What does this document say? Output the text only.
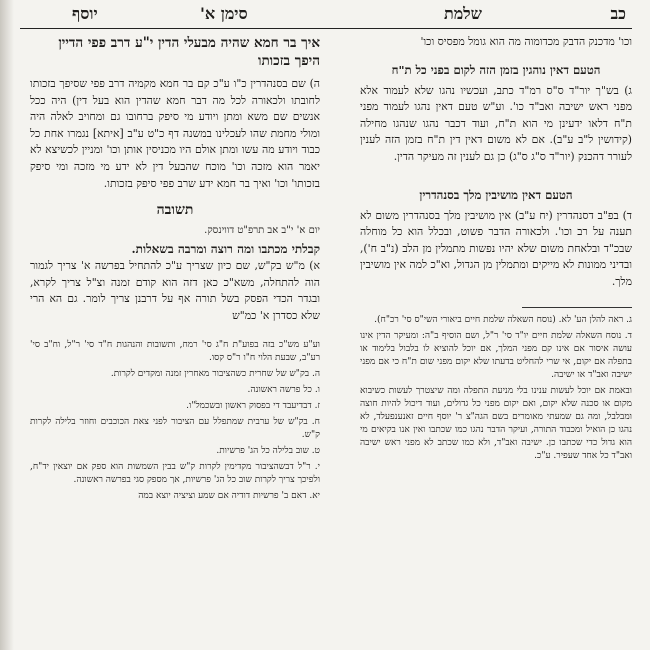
כב
שלמת
סימן א'
יוסף

וכו' מדכנק הדבק מכדומוה מה הוא גומל מפסיס וכו'

הטעם דאין נוהגין בזמן הזה לקום בפני כל ת"ח

ג) בש"ך יור"ד ס"ס רמ"ד כתב, ועכשיו נהגו שלא לעמוד אלא מפני ראש ישיבה ואב"ד כו'. וע"ש טעם דאין נהגו לעמוד מפני ת"ח דלאו ידעינן מי הוא ת"ח, ועוד דכבר נהגו שנהגו מחילה (קידושין ל"ב ע"ב). אם לא משום דאין דין ת"ח בזמן הזה לענין לעורר דהכנק (יור"ד ס"ג ס"ג) כן גם לענין זה מעיקר הדין.

הטעם דאין מושיבין מלך בסנהדרין

ד) בפ"ב דסנהדרין (יח ע"ב) אין מושיבין מלך בסנהדרין משום לא תענה על רב וכו'. ולכאורה הדבר פשוט, ובכלל הוא כל מוחלה שבכ"ד ובלאחת משום שלא יהיו נפשות מתמלין מן הלב (נ"ב ח'), ובדיני ממונות לא מייקים ומתמלין מן הגדול, וא"כ למה אין מושיבין מלך.

ג. ראה להלן הע' לא. (נוסח השאלה שלמת חיים ביאורי השי"ס סי' רכ"ח).

ד. נוסח השאלה שלמת חיים יו"ד סי' ר"ל, ושם הוסיף ב"ה: ומעיקר הדין אינו עושה איסור אם אינו קם מפני המלך, אם יוכל להוציא לו בלבול בלימוד או בתפלה אם יקום, אי שרי להחליט בדעתו שלא יקום מפני שום ת"ח כי אם מפני ישיבה ואב"ד או ישיבה.

ובאמת אם יוכל לעשות ענינו בלי מניעת התפלה ומה שיצטרך לעשות כשיבוא מקום או סכנה שלא יקום, ואם יקום מפני כל גדולים, ועוד דיכול להיות חוצה ומבלבל, ומה גם שמעתי מאומרים בשם הגה"צ ר' יוסף חיים זאנענפעלד, לא נהגו כן הואיל ומכבוד התורה, ועיקר הדבר נהגו כמו שכתבו ואין אנו בקיאים מי הוא גדול כדי שכתבו כן. ישיבה ואב"ד, ולא כמו שכתב לא מפני ראש ישיבה ואב"ד כל אחד שעפיר. ע"כ.

איך בר חמא שהיה מבעלי הדין י"ע דרב פפי הדיין היפך בזכותו

ה) שם בסנהדרין כ"ו ע"כ קם בר חמא מקמיה דרב פפי שסיפך בזכותו לחובתו ולכאורה לכל מה דבר חמא שהדין הוא בעל דין) היה ככל אנשים שם משא ומתן ויודע מי סיפק ברחובו גם ומחויב לאלה היה ומולי מחמת שהו לעכלינו במשנה דף כ"ט ע"ב [איתא] נגמרו אחת כל כבוד ויודע מה עשו ומתן אולם היו מכניסין אותן וכו' ומניין לכשיצא לא יאמר הוא מזכה וכו' מוכח שהבעל דין לא ידע מי מזכה ומי סיפק בזכותו' וכו' ואיך בר חמא ידע שרב פפי סיפק בזכותו.

תשובה

יום א' י"ב אב תרפ"ט דווינסק.

קבלתי מכתבו ומה רוצה ומרבה בשאלות.

א) מ"ש בק"ש, שם כיון שצריך ע"כ להתחיל בפרשה א' צריך לגמור הוה להתחלה, משא"כ כאן דזה הוא קודם זמנה וצ"ל צריך לקרא, ובגדר הכדי הפסק בשל תורה אף על דרבנן צריך לומר. גם הא הרי שלא כסדרן א' כמ"ש

וע"ע מש"כ בזה בפוע"ת ח"ג סי' רמח, ותשובות והנהגות ח"ד סי' ר"ל, וח"ב סי' רע"ב, שבעת הלוי ח"ו ר"ס קסו.

ה. בק"ש של שחרית כשהציבור מאחרין זמנה ומקדים לקרות.

ו. כל פרשה ראשונה.

ז. דבדיעבד די בפסוק ראשון ובשכמל"ו.

ח. בק"ש של ערבית שמתפלל עם הציבור לפני צאת הכוכבים וחוזר בלילה לקרות ק"ש.

ט. שוב בלילה כל הג' פרשיות.

י. ר"ל דבשהציבור מקדימין לקרות ק"ש בבין השמשות הוא ספק אם יוצאין יד"ח, ולפיכך צריך לקרות שוב כל הג' פרשיות, אך מספק סגי בפרשה ראשונה.

יא. דאם ב' פרשיות דודיה אם שמע וציציה יוצא במה
